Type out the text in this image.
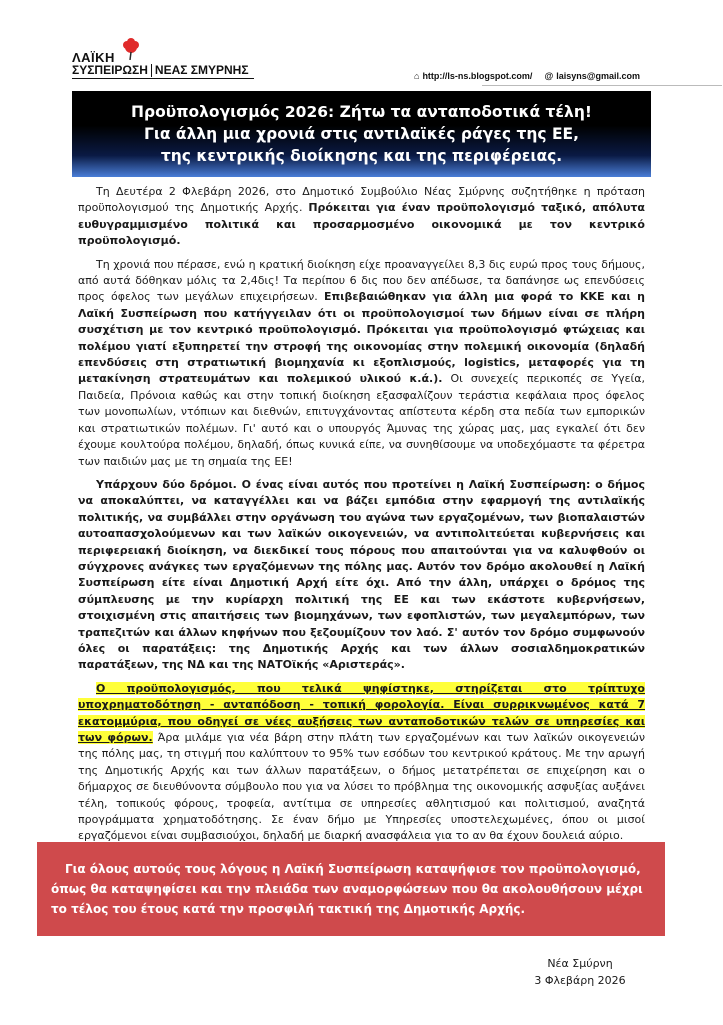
ΛΑΪΚΗ
ΣΥΣΠΕΙΡΩΣΗ ΝΕΑΣ ΣΜΥΡΝΗΣ	⌂ http://ls-ns.blogspot.com/ @ laisyns@gmail.com
Προϋπολογισμός 2026: Ζήτω τα ανταποδοτικά τέλη!
Για άλλη μια χρονιά στις αντιλαϊκές ράγες της ΕΕ,
της κεντρικής διοίκησης και της περιφέρειας.

Τη Δευτέρα 2 Φλεβάρη 2026, στο Δημοτικό Συμβούλιο Νέας Σμύρνης συζητήθηκε η πρόταση προϋπολογισμού της Δημοτικής Αρχής. Πρόκειται για έναν προϋπολογισμό ταξικό, απόλυτα ευθυγραμμισμένο πολιτικά και προσαρμοσμένο οικονομικά με τον κεντρικό προϋπολογισμό.

Τη χρονιά που πέρασε, ενώ η κρατική διοίκηση είχε προαναγγείλει 8,3 δις ευρώ προς τους δήμους, από αυτά δόθηκαν μόλις τα 2,4δις! Τα περίπου 6 δις που δεν απέδωσε, τα δαπάνησε ως επενδύσεις προς όφελος των μεγάλων επιχειρήσεων. Επιβεβαιώθηκαν για άλλη μια φορά το ΚΚΕ και η Λαϊκή Συσπείρωση που κατήγγειλαν ότι οι προϋπολογισμοί των δήμων είναι σε πλήρη συσχέτιση με τον κεντρικό προϋπολογισμό. Πρόκειται για προϋπολογισμό φτώχειας και πολέμου γιατί εξυπηρετεί την στροφή της οικονομίας στην πολεμική οικονομία (δηλαδή επενδύσεις στη στρατιωτική βιομηχανία κι εξοπλισμούς, logistics, μεταφορές για τη μετακίνηση στρατευμάτων και πολεμικού υλικού κ.ά.). Οι συνεχείς περικοπές σε Υγεία, Παιδεία, Πρόνοια καθώς και στην τοπική διοίκηση εξασφαλίζουν τεράστια κεφάλαια προς όφελος των μονοπωλίων, ντόπιων και διεθνών, επιτυγχάνοντας απίστευτα κέρδη στα πεδία των εμπορικών και στρατιωτικών πολέμων. Γι' αυτό και ο υπουργός Άμυνας της χώρας μας, μας εγκαλεί ότι δεν έχουμε κουλτούρα πολέμου, δηλαδή, όπως κυνικά είπε, να συνηθίσουμε να υποδεχόμαστε τα φέρετρα των παιδιών μας με τη σημαία της ΕΕ!

Υπάρχουν δύο δρόμοι. Ο ένας είναι αυτός που προτείνει η Λαϊκή Συσπείρωση: ο δήμος να αποκαλύπτει, να καταγγέλλει και να βάζει εμπόδια στην εφαρμογή της αντιλαϊκής πολιτικής, να συμβάλλει στην οργάνωση του αγώνα των εργαζομένων, των βιοπαλαιστών αυτοαπασχολούμενων και των λαϊκών οικογενειών, να αντιπολιτεύεται κυβερνήσεις και περιφερειακή διοίκηση, να διεκδικεί τους πόρους που απαιτούνται για να καλυφθούν οι σύγχρονες ανάγκες των εργαζόμενων της πόλης μας. Αυτόν τον δρόμο ακολουθεί η Λαϊκή Συσπείρωση είτε είναι Δημοτική Αρχή είτε όχι. Από την άλλη, υπάρχει ο δρόμος της σύμπλευσης με την κυρίαρχη πολιτική της ΕΕ και των εκάστοτε κυβερνήσεων, στοιχισμένη στις απαιτήσεις των βιομηχάνων, των εφοπλιστών, των μεγαλεμπόρων, των τραπεζιτών και άλλων κηφήνων που ξεζουμίζουν τον λαό. Σ' αυτόν τον δρόμο συμφωνούν όλες οι παρατάξεις: της Δημοτικής Αρχής και των άλλων σοσιαλδημοκρατικών παρατάξεων, της ΝΔ και της ΝΑΤΟϊκής «Αριστεράς».

Ο προϋπολογισμός, που τελικά ψηφίστηκε, στηρίζεται στο τρίπτυχο υποχρηματοδότηση - ανταπόδοση - τοπική φορολογία. Είναι συρρικνωμένος κατά 7 εκατομμύρια, που οδηγεί σε νέες αυξήσεις των ανταποδοτικών τελών σε υπηρεσίες και των φόρων. Άρα μιλάμε για νέα βάρη στην πλάτη των εργαζομένων και των λαϊκών οικογενειών της πόλης μας, τη στιγμή που καλύπτουν το 95% των εσόδων του κεντρικού κράτους. Με την αρωγή της Δημοτικής Αρχής και των άλλων παρατάξεων, ο δήμος μετατρέπεται σε επιχείρηση και ο δήμαρχος σε διευθύνοντα σύμβουλο που για να λύσει το πρόβλημα της οικονομικής ασφυξίας αυξάνει τέλη, τοπικούς φόρους, τροφεία, αντίτιμα σε υπηρεσίες αθλητισμού και πολιτισμού, αναζητά προγράμματα χρηματοδότησης. Σε έναν δήμο με Υπηρεσίες υποστελεχωμένες, όπου οι μισοί εργαζόμενοι είναι συμβασιούχοι, δηλαδή με διαρκή ανασφάλεια για το αν θα έχουν δουλειά αύριο.

Για όλους αυτούς τους λόγους η Λαϊκή Συσπείρωση καταψήφισε τον προϋπολογισμό, όπως θα καταψηφίσει και την πλειάδα των αναμορφώσεων που θα ακολουθήσουν μέχρι το τέλος του έτους κατά την προσφιλή τακτική της Δημοτικής Αρχής.

Νέα Σμύρνη
3 Φλεβάρη 2026
